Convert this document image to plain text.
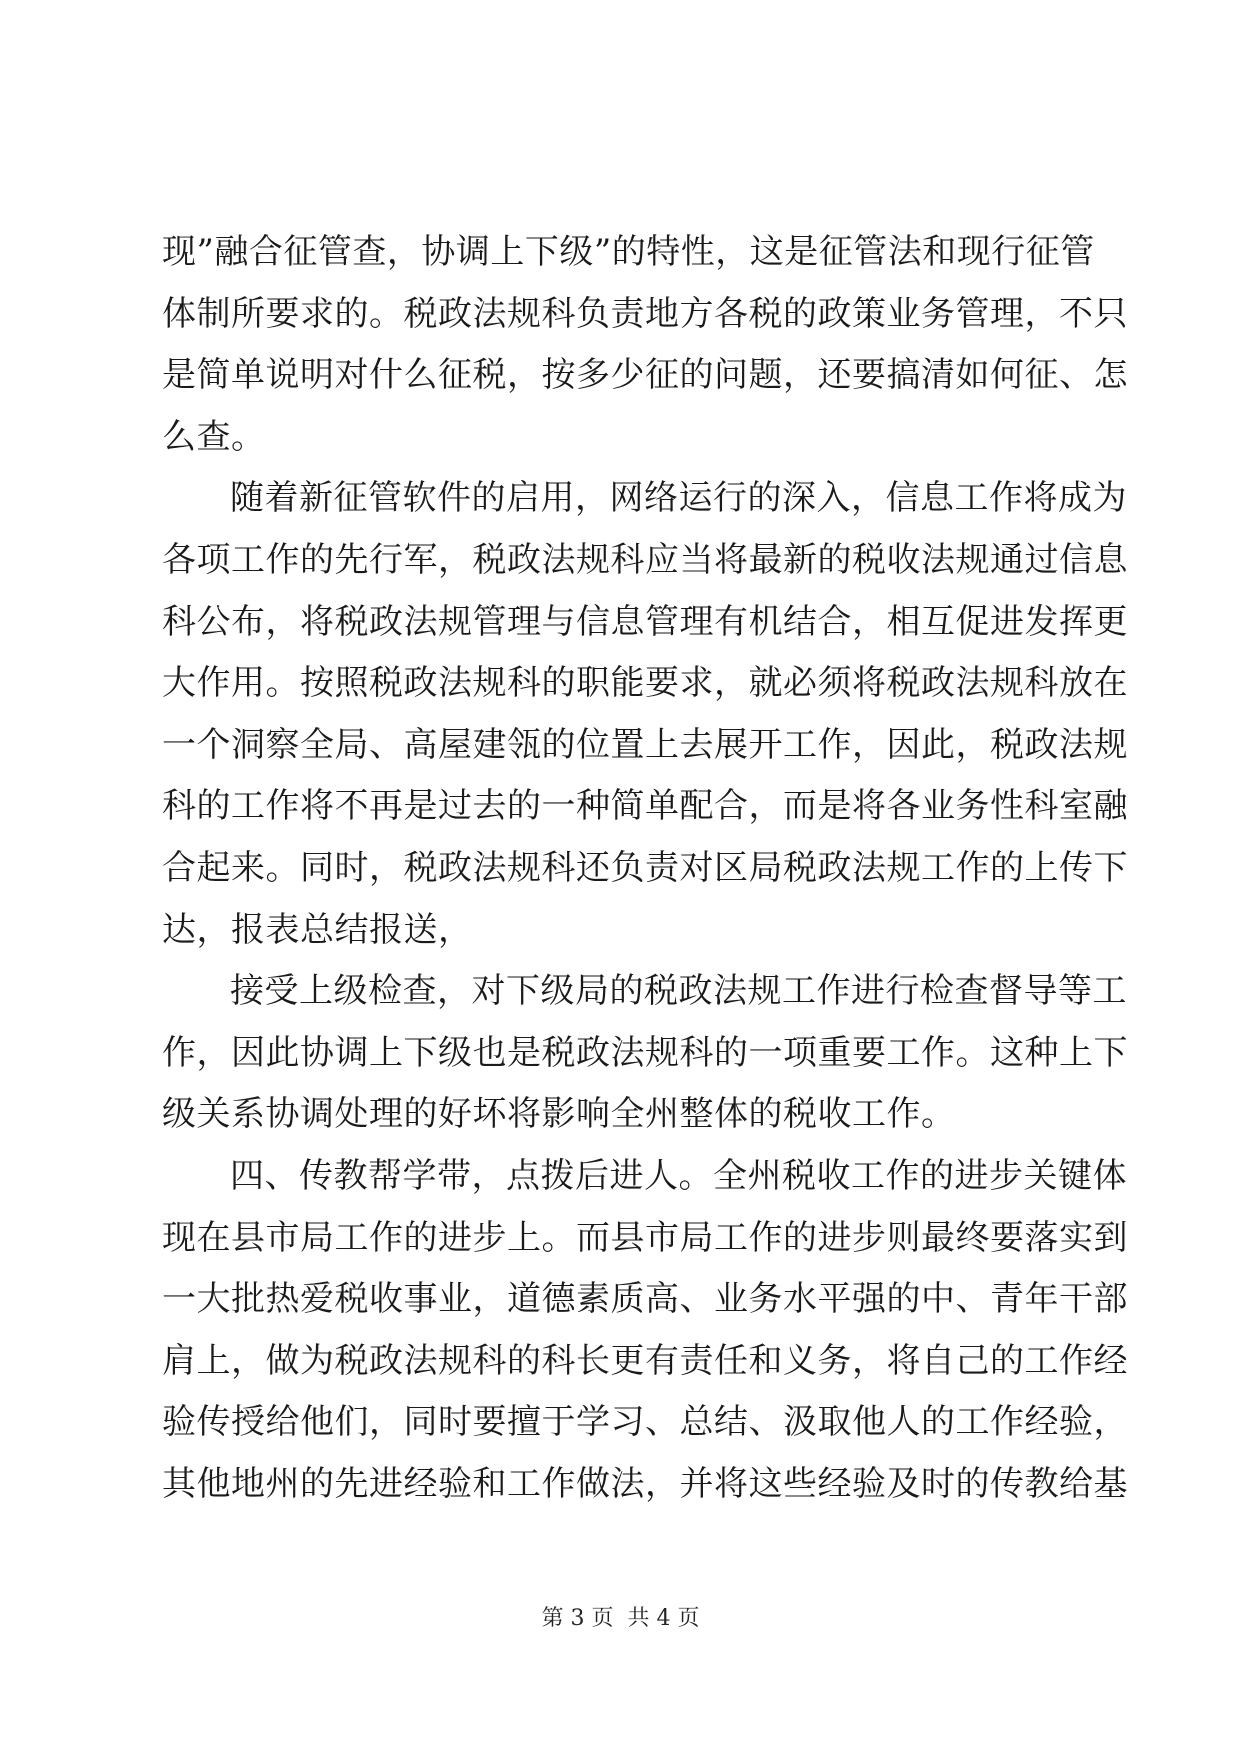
现”融合征管查，协调上下级”的特性，这是征管法和现行征管
体制所要求的。税政法规科负责地方各税的政策业务管理，不只
是简单说明对什么征税，按多少征的问题，还要搞清如何征、怎
么查。
随着新征管软件的启用，网络运行的深入，信息工作将成为
各项工作的先行军，税政法规科应当将最新的税收法规通过信息
科公布，将税政法规管理与信息管理有机结合，相互促进发挥更
大作用。按照税政法规科的职能要求，就必须将税政法规科放在
一个洞察全局、高屋建瓴的位置上去展开工作，因此，税政法规
科的工作将不再是过去的一种简单配合，而是将各业务性科室融
合起来。同时，税政法规科还负责对区局税政法规工作的上传下
达，报表总结报送，
接受上级检查，对下级局的税政法规工作进行检查督导等工
作，因此协调上下级也是税政法规科的一项重要工作。这种上下
级关系协调处理的好坏将影响全州整体的税收工作。
四、传教帮学带，点拨后进人。全州税收工作的进步关键体
现在县市局工作的进步上。而县市局工作的进步则最终要落实到
一大批热爱税收事业，道德素质高、业务水平强的中、青年干部
肩上，做为税政法规科的科长更有责任和义务，将自己的工作经
验传授给他们，同时要擅于学习、总结、汲取他人的工作经验，
其他地州的先进经验和工作做法，并将这些经验及时的传教给基
第 3 页  共 4 页
